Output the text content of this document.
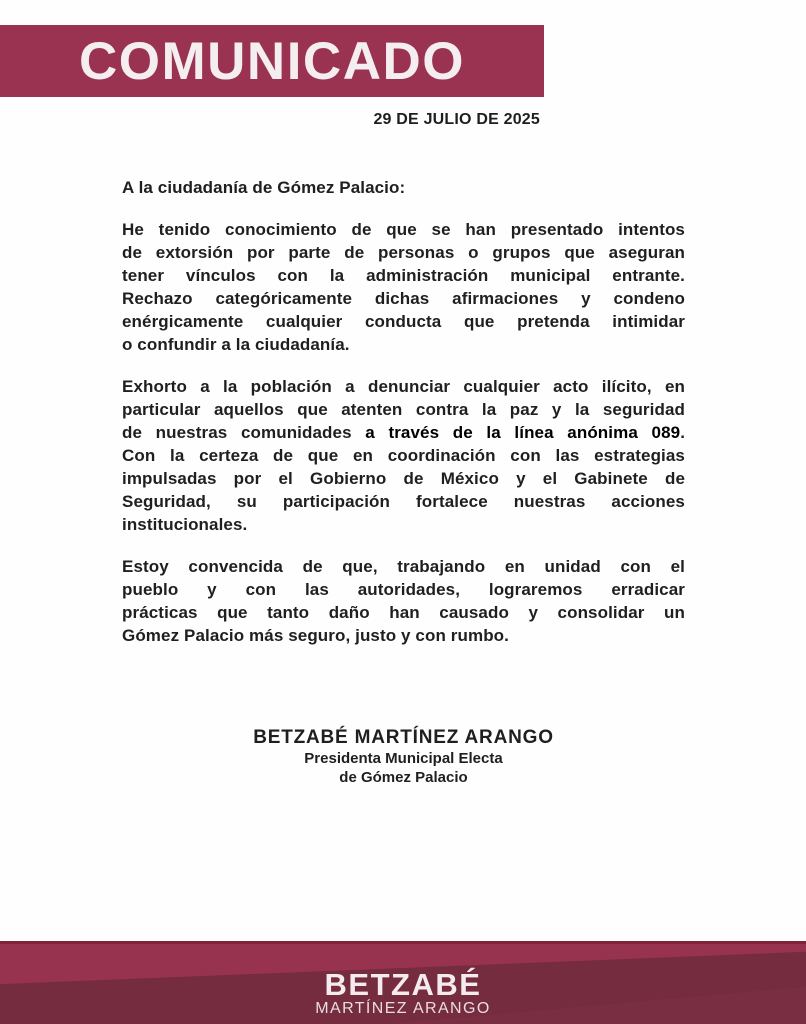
COMUNICADO
29 DE JULIO DE 2025
A la ciudadanía de Gómez Palacio:
He tenido conocimiento de que se han presentado intentos
de extorsión por parte de personas o grupos que aseguran
tener vínculos con la administración municipal entrante.
Rechazo categóricamente dichas afirmaciones y condeno
enérgicamente cualquier conducta que pretenda intimidar
o confundir a la ciudadanía.
Exhorto a la población a denunciar cualquier acto ilícito, en
particular aquellos que atenten contra la paz y la seguridad
de nuestras comunidades a través de la línea anónima 089.
Con la certeza de que en coordinación con las estrategias
impulsadas por el Gobierno de México y el Gabinete de
Seguridad, su participación fortalece nuestras acciones
institucionales.
Estoy convencida de que, trabajando en unidad con el
pueblo y con las autoridades, lograremos erradicar
prácticas que tanto daño han causado y consolidar un
Gómez Palacio más seguro, justo y con rumbo.
BETZABÉ MARTÍNEZ ARANGO
Presidenta Municipal Electa
de Gómez Palacio
BETZABÉ
MARTÍNEZ ARANGO
